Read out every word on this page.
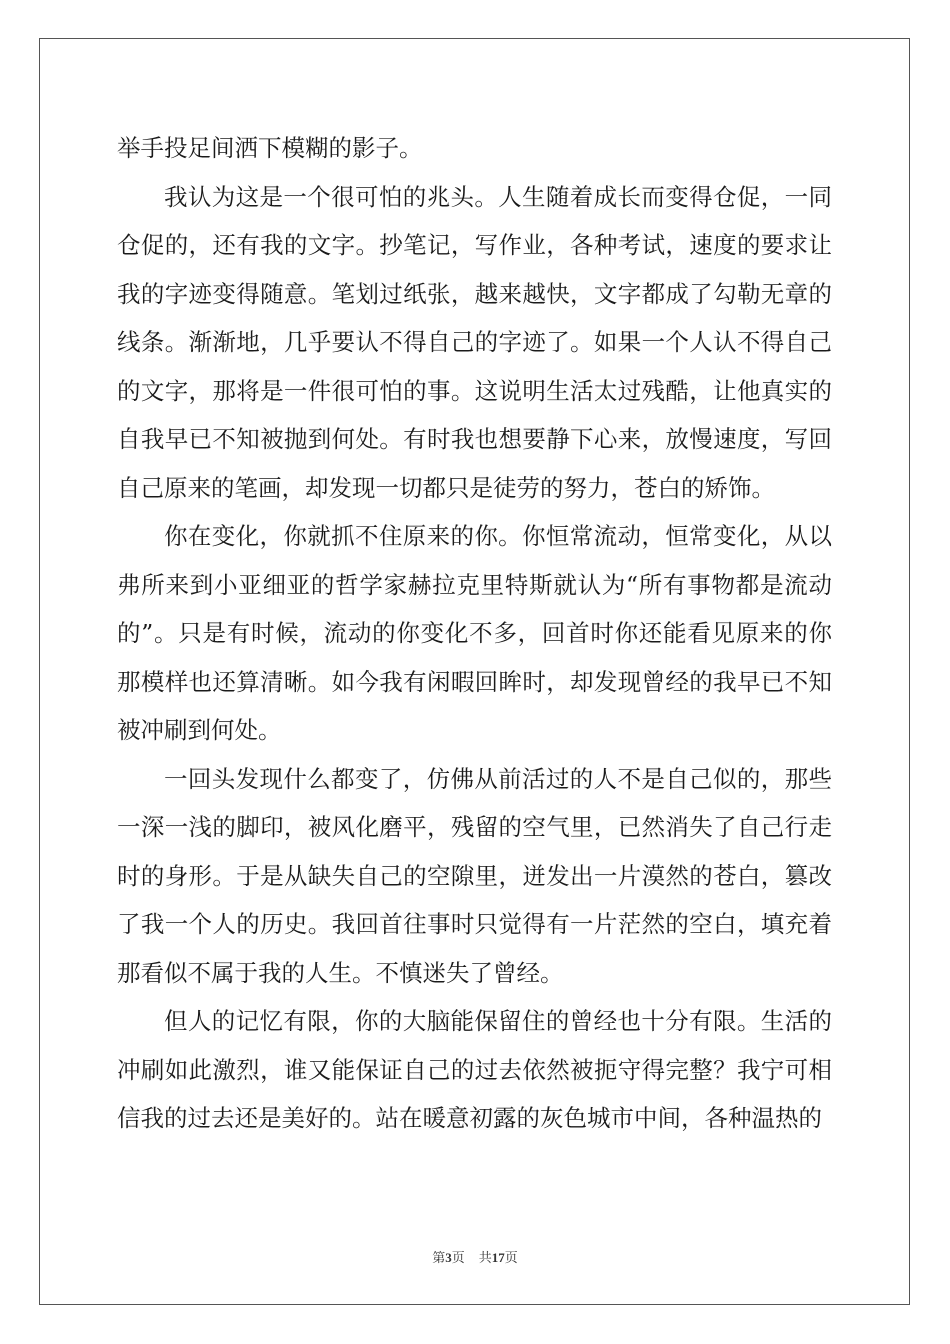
举手投足间洒下模糊的影子。

我认为这是一个很可怕的兆头。人生随着成长而变得仓促，一同仓促的，还有我的文字。抄笔记，写作业，各种考试，速度的要求让我的字迹变得随意。笔划过纸张，越来越快，文字都成了勾勒无章的线条。渐渐地，几乎要认不得自己的字迹了。如果一个人认不得自己的文字，那将是一件很可怕的事。这说明生活太过残酷，让他真实的自我早已不知被抛到何处。有时我也想要静下心来，放慢速度，写回自己原来的笔画，却发现一切都只是徒劳的努力，苍白的矫饰。

你在变化，你就抓不住原来的你。你恒常流动，恒常变化，从以弗所来到小亚细亚的哲学家赫拉克里特斯就认为“所有事物都是流动的”。只是有时候，流动的你变化不多，回首时你还能看见原来的你那模样也还算清晰。如今我有闲暇回眸时，却发现曾经的我早已不知被冲刷到何处。

一回头发现什么都变了，仿佛从前活过的人不是自己似的，那些一深一浅的脚印，被风化磨平，残留的空气里，已然消失了自己行走时的身形。于是从缺失自己的空隙里，迸发出一片漠然的苍白，篡改了我一个人的历史。我回首往事时只觉得有一片茫然的空白，填充着那看似不属于我的人生。不慎迷失了曾经。

但人的记忆有限，你的大脑能保留住的曾经也十分有限。生活的冲刷如此激烈，谁又能保证自己的过去依然被扼守得完整？我宁可相信我的过去还是美好的。站在暖意初露的灰色城市中间，各种温热的

第3页 共17页
